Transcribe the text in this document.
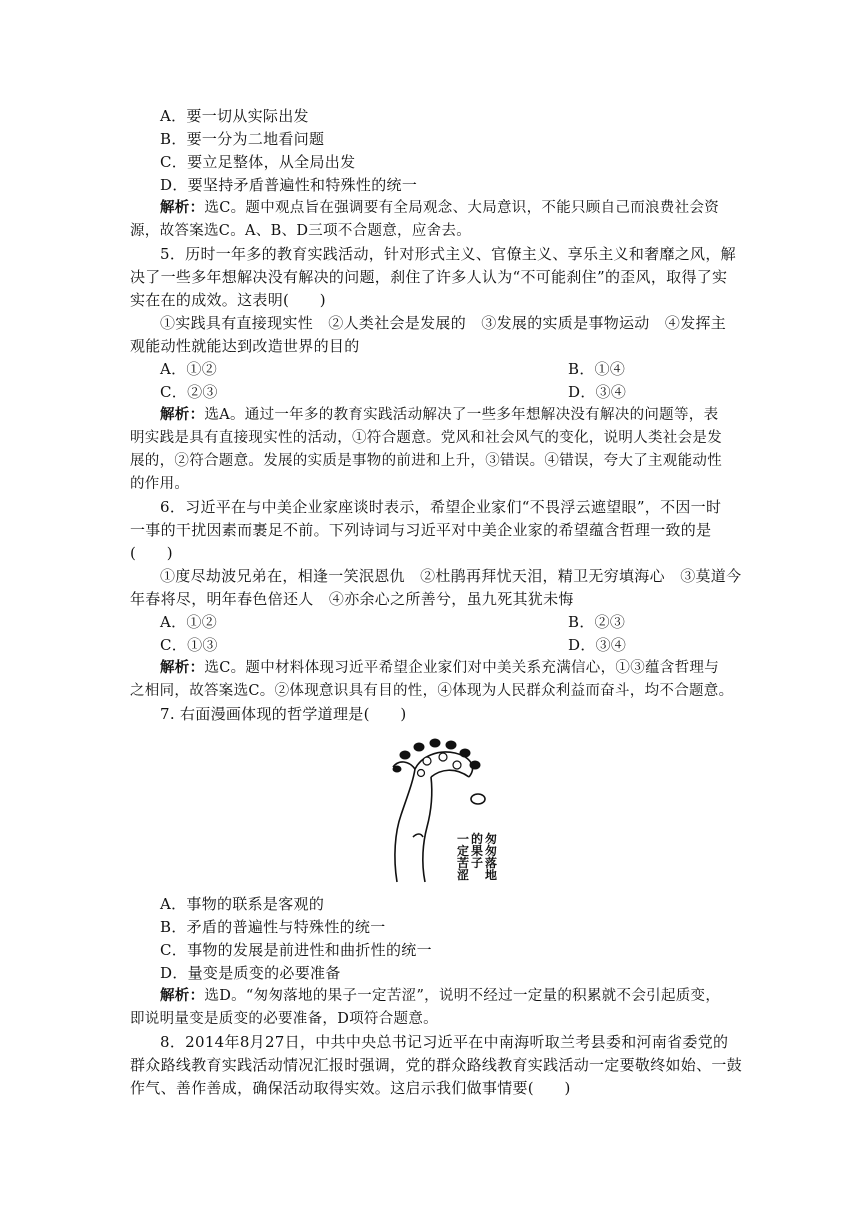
A．要一切从实际出发
B．要一分为二地看问题
C．要立足整体，从全局出发
D．要坚持矛盾普遍性和特殊性的统一
解析：选C。题中观点旨在强调要有全局观念、大局意识，不能只顾自己而浪费社会资
源，故答案选C。A、B、D三项不合题意，应舍去。
5．历时一年多的教育实践活动，针对形式主义、官僚主义、享乐主义和奢靡之风，解
决了一些多年想解决没有解决的问题，刹住了许多人认为“不可能刹住”的歪风，取得了实
实在在的成效。这表明(　　)
①实践具有直接现实性　②人类社会是发展的　③发展的实质是事物运动　④发挥主
观能动性就能达到改造世界的目的
A．①②	B．①④
C．②③	D．③④
解析：选A。通过一年多的教育实践活动解决了一些多年想解决没有解决的问题等，表
明实践是具有直接现实性的活动，①符合题意。党风和社会风气的变化，说明人类社会是发
展的，②符合题意。发展的实质是事物的前进和上升，③错误。④错误，夸大了主观能动性
的作用。
6．习近平在与中美企业家座谈时表示，希望企业家们“不畏浮云遮望眼”，不因一时
一事的干扰因素而裹足不前。下列诗词与习近平对中美企业家的希望蕴含哲理一致的是
(　　)
①度尽劫波兄弟在，相逢一笑泯恩仇　②杜鹃再拜忧天泪，精卫无穷填海心　③莫道今
年春将尽，明年春色倍还人　④亦余心之所善兮，虽九死其犹未悔
A．①②	B．②③
C．①③	D．③④
解析：选C。题中材料体现习近平希望企业家们对中美关系充满信心，①③蕴含哲理与
之相同，故答案选C。②体现意识具有目的性，④体现为人民群众利益而奋斗，均不合题意。
7. 右面漫画体现的哲学道理是(　　)
匆匆落地
的果子
一定苦涩
A．事物的联系是客观的
B．矛盾的普遍性与特殊性的统一
C．事物的发展是前进性和曲折性的统一
D．量变是质变的必要准备
解析：选D。“匆匆落地的果子一定苦涩”，说明不经过一定量的积累就不会引起质变，
即说明量变是质变的必要准备，D项符合题意。
8．2014年8月27日，中共中央总书记习近平在中南海听取兰考县委和河南省委党的
群众路线教育实践活动情况汇报时强调，党的群众路线教育实践活动一定要敬终如始、一鼓
作气、善作善成，确保活动取得实效。这启示我们做事情要(　　)
